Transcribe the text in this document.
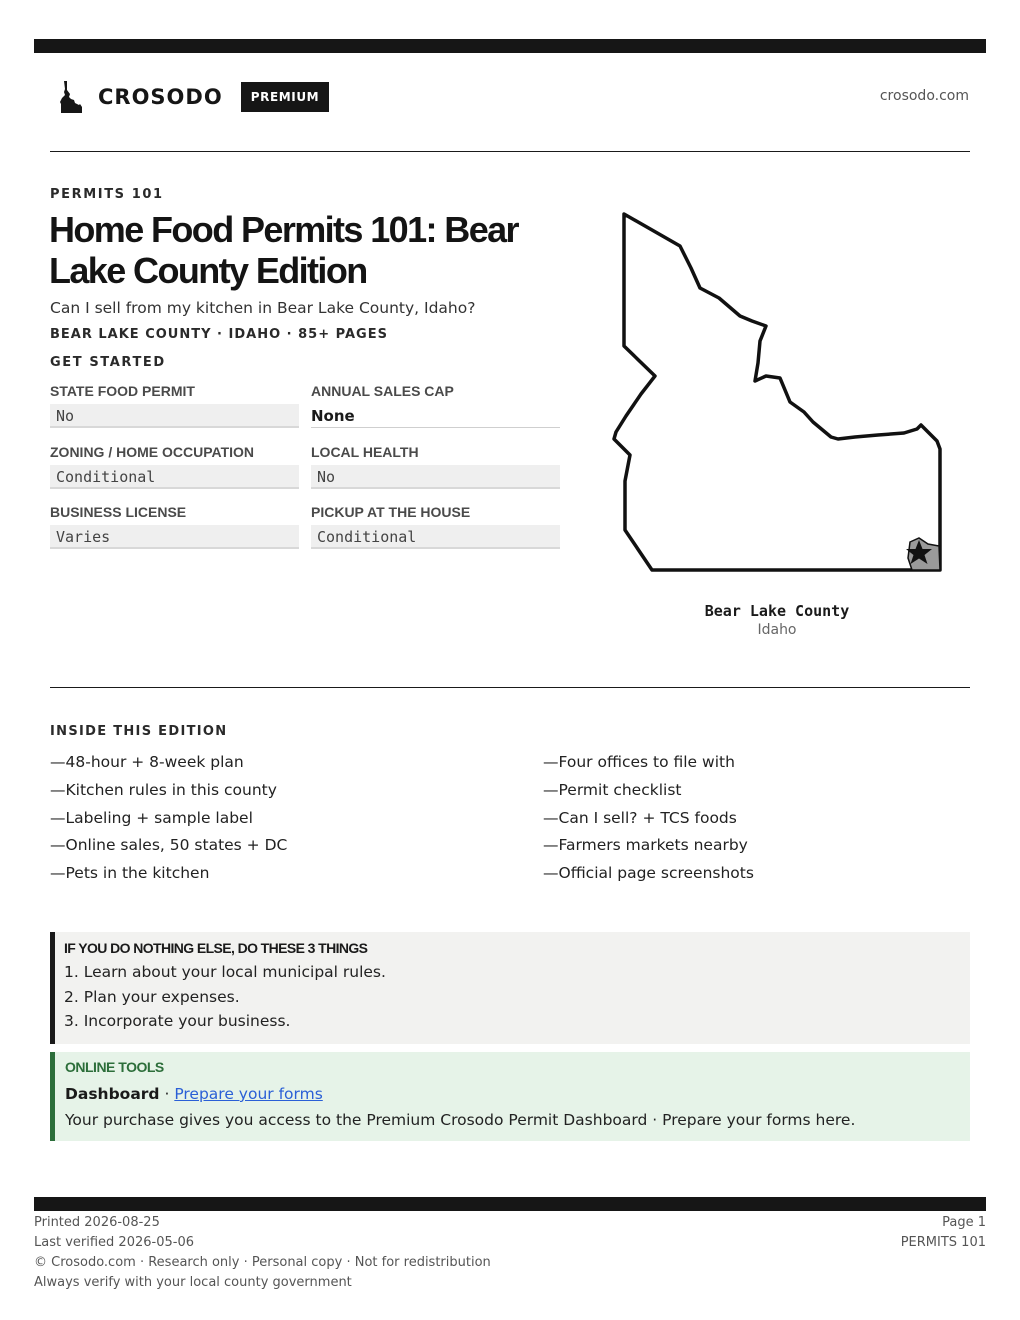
CROSODO	PREMIUM	crosodo.com
PERMITS 101
Home Food Permits 101: Bear Lake County Edition
Can I sell from my kitchen in Bear Lake County, Idaho?
BEAR LAKE COUNTY · IDAHO · 85+ PAGES
GET STARTED
STATE FOOD PERMIT
No
ANNUAL SALES CAP
None
ZONING / HOME OCCUPATION
Conditional
LOCAL HEALTH
No
BUSINESS LICENSE
Varies
PICKUP AT THE HOUSE
Conditional
Bear Lake County
Idaho
INSIDE THIS EDITION
—48-hour + 8-week plan
—Kitchen rules in this county
—Labeling + sample label
—Online sales, 50 states + DC
—Pets in the kitchen
—Four offices to file with
—Permit checklist
—Can I sell? + TCS foods
—Farmers markets nearby
—Official page screenshots
IF YOU DO NOTHING ELSE, DO THESE 3 THINGS
1. Learn about your local municipal rules.
2. Plan your expenses.
3. Incorporate your business.
ONLINE TOOLS
Dashboard · Prepare your forms
Your purchase gives you access to the Premium Crosodo Permit Dashboard · Prepare your forms here.
Printed 2026-08-25
Last verified 2026-05-06
© Crosodo.com · Research only · Personal copy · Not for redistribution
Always verify with your local county government
Page 1
PERMITS 101
